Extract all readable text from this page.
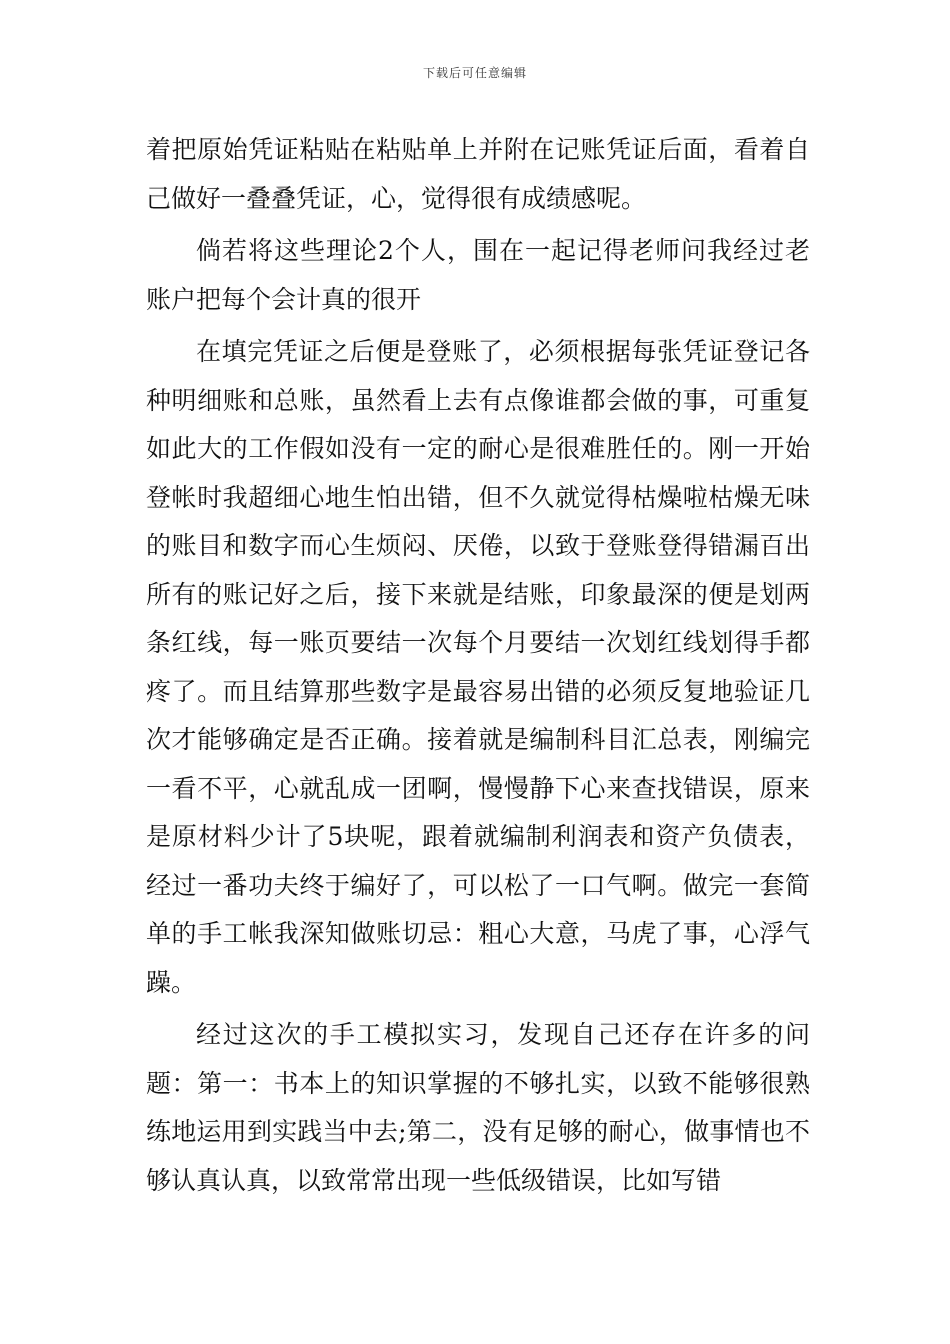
下载后可任意编辑

着把原始凭证粘贴在粘贴单上并附在记账凭证后面，看着自己做好一叠叠凭证，心，觉得很有成绩感呢。

倘若将这些理论2个人，围在一起记得老师问我经过老账户把每个会计真的很开

在填完凭证之后便是登账了，必须根据每张凭证登记各种明细账和总账，虽然看上去有点像谁都会做的事，可重复如此大的工作假如没有一定的耐心是很难胜任的。刚一开始登帐时我超细心地生怕出错，但不久就觉得枯燥啦枯燥无味的账目和数字而心生烦闷、厌倦，以致于登账登得错漏百出所有的账记好之后，接下来就是结账，印象最深的便是划两条红线，每一账页要结一次每个月要结一次划红线划得手都疼了。而且结算那些数字是最容易出错的必须反复地验证几次才能够确定是否正确。接着就是编制科目汇总表，刚编完一看不平，心就乱成一团啊，慢慢静下心来查找错误，原来是原材料少计了5块呢，跟着就编制利润表和资产负债表，经过一番功夫终于编好了，可以松了一口气啊。做完一套简单的手工帐我深知做账切忌：粗心大意，马虎了事，心浮气躁。

经过这次的手工模拟实习，发现自己还存在许多的问题：第一：书本上的知识掌握的不够扎实，以致不能够很熟练地运用到实践当中去;第二，没有足够的耐心，做事情也不够认真认真，以致常常出现一些低级错误，比如写错
